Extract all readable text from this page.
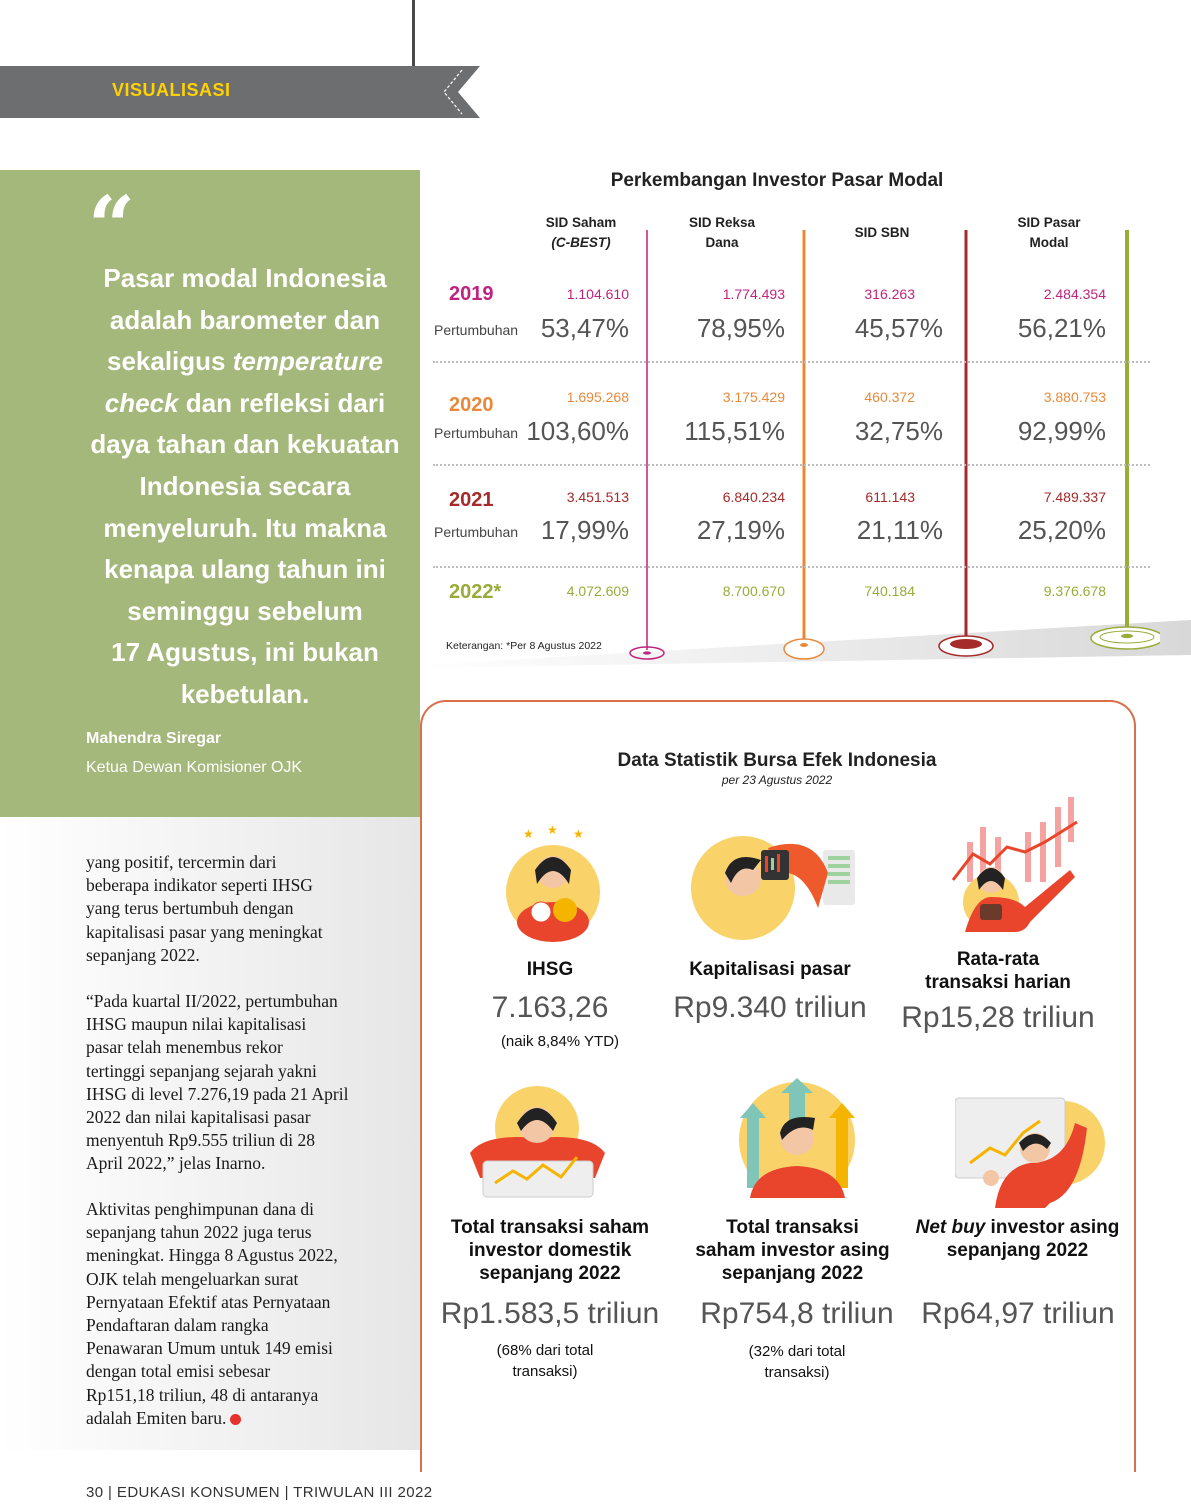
VISUALISASI
“
Pasar modal Indonesia
adalah barometer dan
sekaligus temperature
check dan refleksi dari
daya tahan dan kekuatan
Indonesia secara
menyeluruh. Itu makna
kenapa ulang tahun ini
seminggu sebelum
17 Agustus, ini bukan
kebetulan.
Mahendra Siregar
Ketua Dewan Komisioner OJK
yang positif, tercermin dari
beberapa indikator seperti IHSG
yang terus bertumbuh dengan
kapitalisasi pasar yang meningkat
sepanjang 2022.
“Pada kuartal II/2022, pertumbuhan
IHSG maupun nilai kapitalisasi
pasar telah menembus rekor
tertinggi sepanjang sejarah yakni
IHSG di level 7.276,19 pada 21 April
2022 dan nilai kapitalisasi pasar
menyentuh Rp9.555 triliun di 28
April 2022,” jelas Inarno.
Aktivitas penghimpunan dana di
sepanjang tahun 2022 juga terus
meningkat. Hingga 8 Agustus 2022,
OJK telah mengeluarkan surat
Pernyataan Efektif atas Pernyataan
Pendaftaran dalam rangka
Penawaran Umum untuk 149 emisi
dengan total emisi sebesar
Rp151,18 triliun, 48 di antaranya
adalah Emiten baru.
30 | EDUKASI KONSUMEN | TRIWULAN III 2022
Perkembangan Investor Pasar Modal
SID Saham
(C-BEST)
SID Reksa
Dana
SID SBN
SID Pasar
Modal
2019	1.104.610	1.774.493	316.263	2.484.354
Pertumbuhan 53,47%	78,95%	45,57%	56,21%
2020	1.695.268	3.175.429	460.372	3.880.753
Pertumbuhan 103,60%	115,51%	32,75%	92,99%
2021	3.451.513	6.840.234	611.143	7.489.337
Pertumbuhan 17,99%	27,19%	21,11%	25,20%
2022*	4.072.609	8.700.670	740.184	9.376.678
Keterangan: *Per 8 Agustus 2022
Data Statistik Bursa Efek Indonesia
per 23 Agustus 2022
★ ★ ★
IHSG
7.163,26
(naik 8,84% YTD)
Kapitalisasi pasar
Rp9.340 triliun
Rata-rata
transaksi harian
Rp15,28 triliun
Total transaksi saham
investor domestik
sepanjang 2022
Rp1.583,5 triliun
(68% dari total
transaksi)
Total transaksi
saham investor asing
sepanjang 2022
Rp754,8 triliun
(32% dari total
transaksi)
Net buy investor asing
sepanjang 2022
Rp64,97 triliun
